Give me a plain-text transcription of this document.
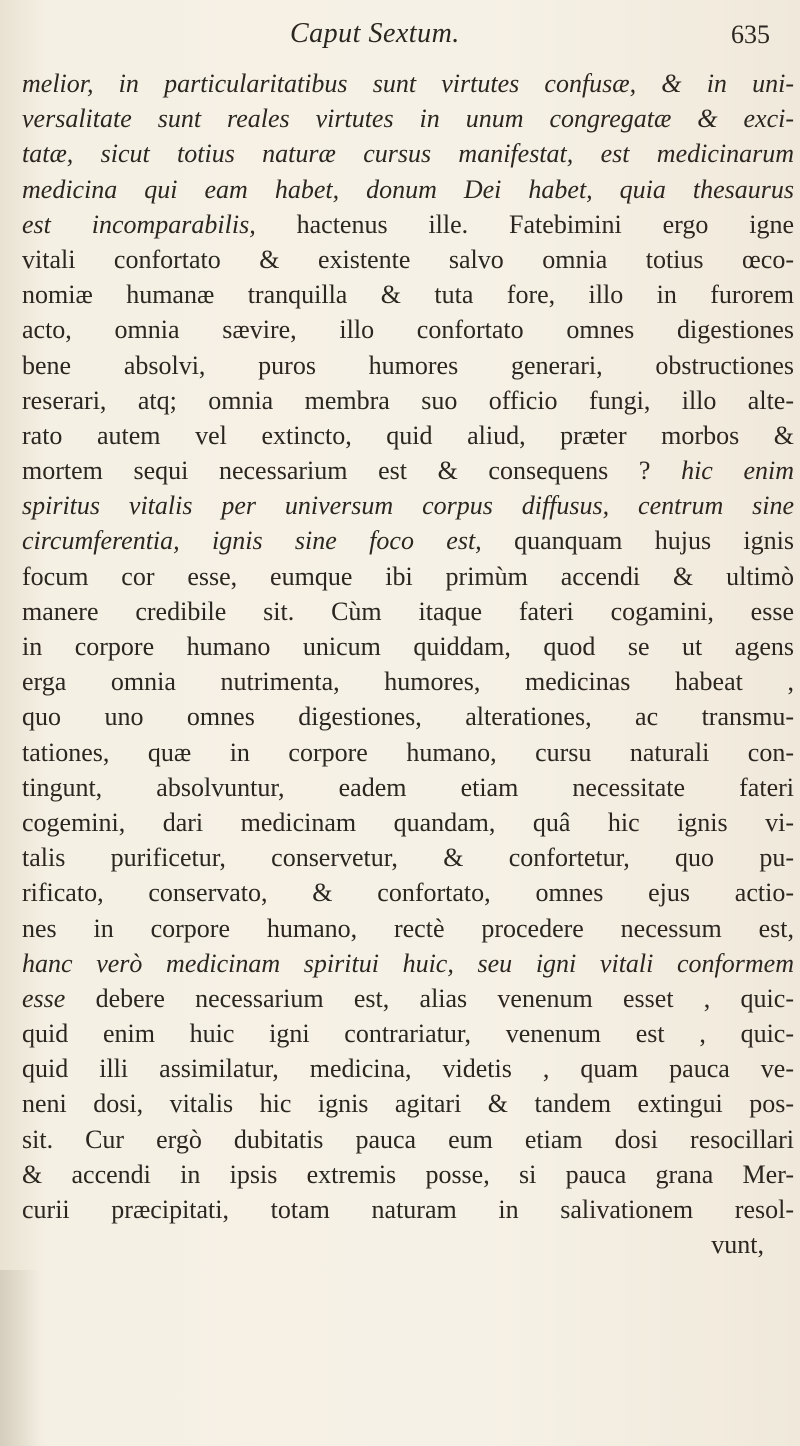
Caput Sextum.	635
melior, in particularitatibus sunt virtutes confusæ, & in uni-
versalitate sunt reales virtutes in unum congregatæ & exci-
tatæ, sicut totius naturæ cursus manifestat, est medicinarum
medicina qui eam habet, donum Dei habet, quia thesaurus
est incomparabilis, hactenus ille. Fatebimini ergo igne
vitali confortato & existente salvo omnia totius œco-
nomiæ humanæ tranquilla & tuta fore, illo in furorem
acto, omnia sævire, illo confortato omnes digestiones
bene absolvi, puros humores generari, obstructiones
reserari, atq; omnia membra suo officio fungi, illo alte-
rato autem vel extincto, quid aliud, præter morbos &
mortem sequi necessarium est & consequens ? hic enim
spiritus vitalis per universum corpus diffusus, centrum sine
circumferentia, ignis sine foco est, quanquam hujus ignis
focum cor esse, eumque ibi primùm accendi & ultimò
manere credibile sit. Cùm itaque fateri cogamini, esse
in corpore humano unicum quiddam, quod se ut agens
erga omnia nutrimenta, humores, medicinas habeat ,
quo uno omnes digestiones, alterationes, ac transmu-
tationes, quæ in corpore humano, cursu naturali con-
tingunt, absolvuntur, eadem etiam necessitate fateri
cogemini, dari medicinam quandam, quâ hic ignis vi-
talis purificetur, conservetur, & confortetur, quo pu-
rificato, conservato, & confortato, omnes ejus actio-
nes in corpore humano, rectè procedere necessum est,
hanc verò medicinam spiritui huic, seu igni vitali conformem
esse debere necessarium est, alias venenum esset , quic-
quid enim huic igni contrariatur, venenum est , quic-
quid illi assimilatur, medicina, videtis , quam pauca ve-
neni dosi, vitalis hic ignis agitari & tandem extingui pos-
sit. Cur ergò dubitatis pauca eum etiam dosi resocillari
& accendi in ipsis extremis posse, si pauca grana Mer-
curii præcipitati, totam naturam in salivationem resol-
vunt,
